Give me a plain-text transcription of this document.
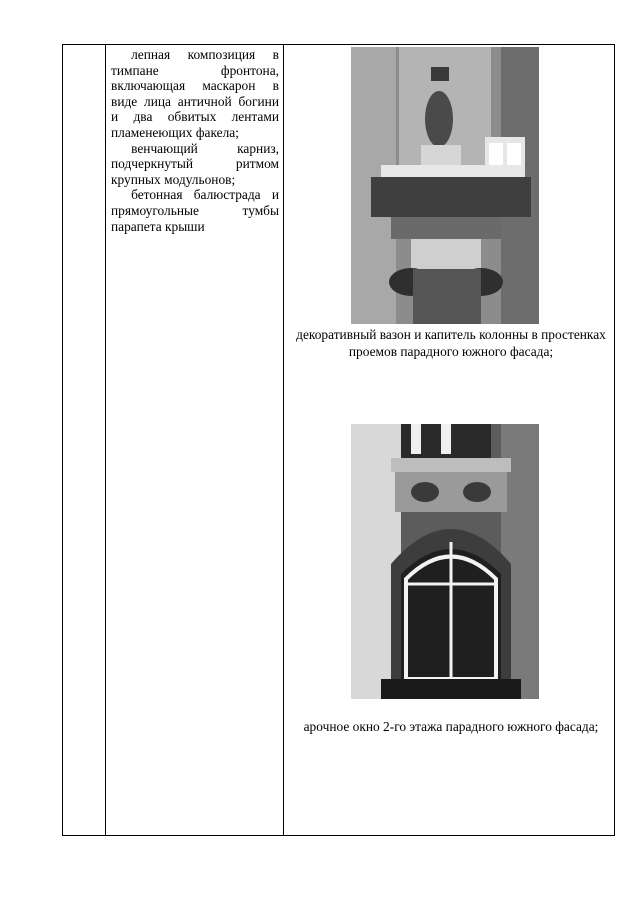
лепная композиция в тимпане фронтона, включающая маскарон в виде лица античной богини и два обвитых лентами пламенеющих факела;

венчающий карниз, подчеркнутый ритмом крупных модульонов;

бетонная балюстрада и прямоугольные тумбы парапета крыши

декоративный вазон и капитель колонны в простенках проемов парадного южного фасада;
арочное окно 2-го этажа парадного южного фасада;
